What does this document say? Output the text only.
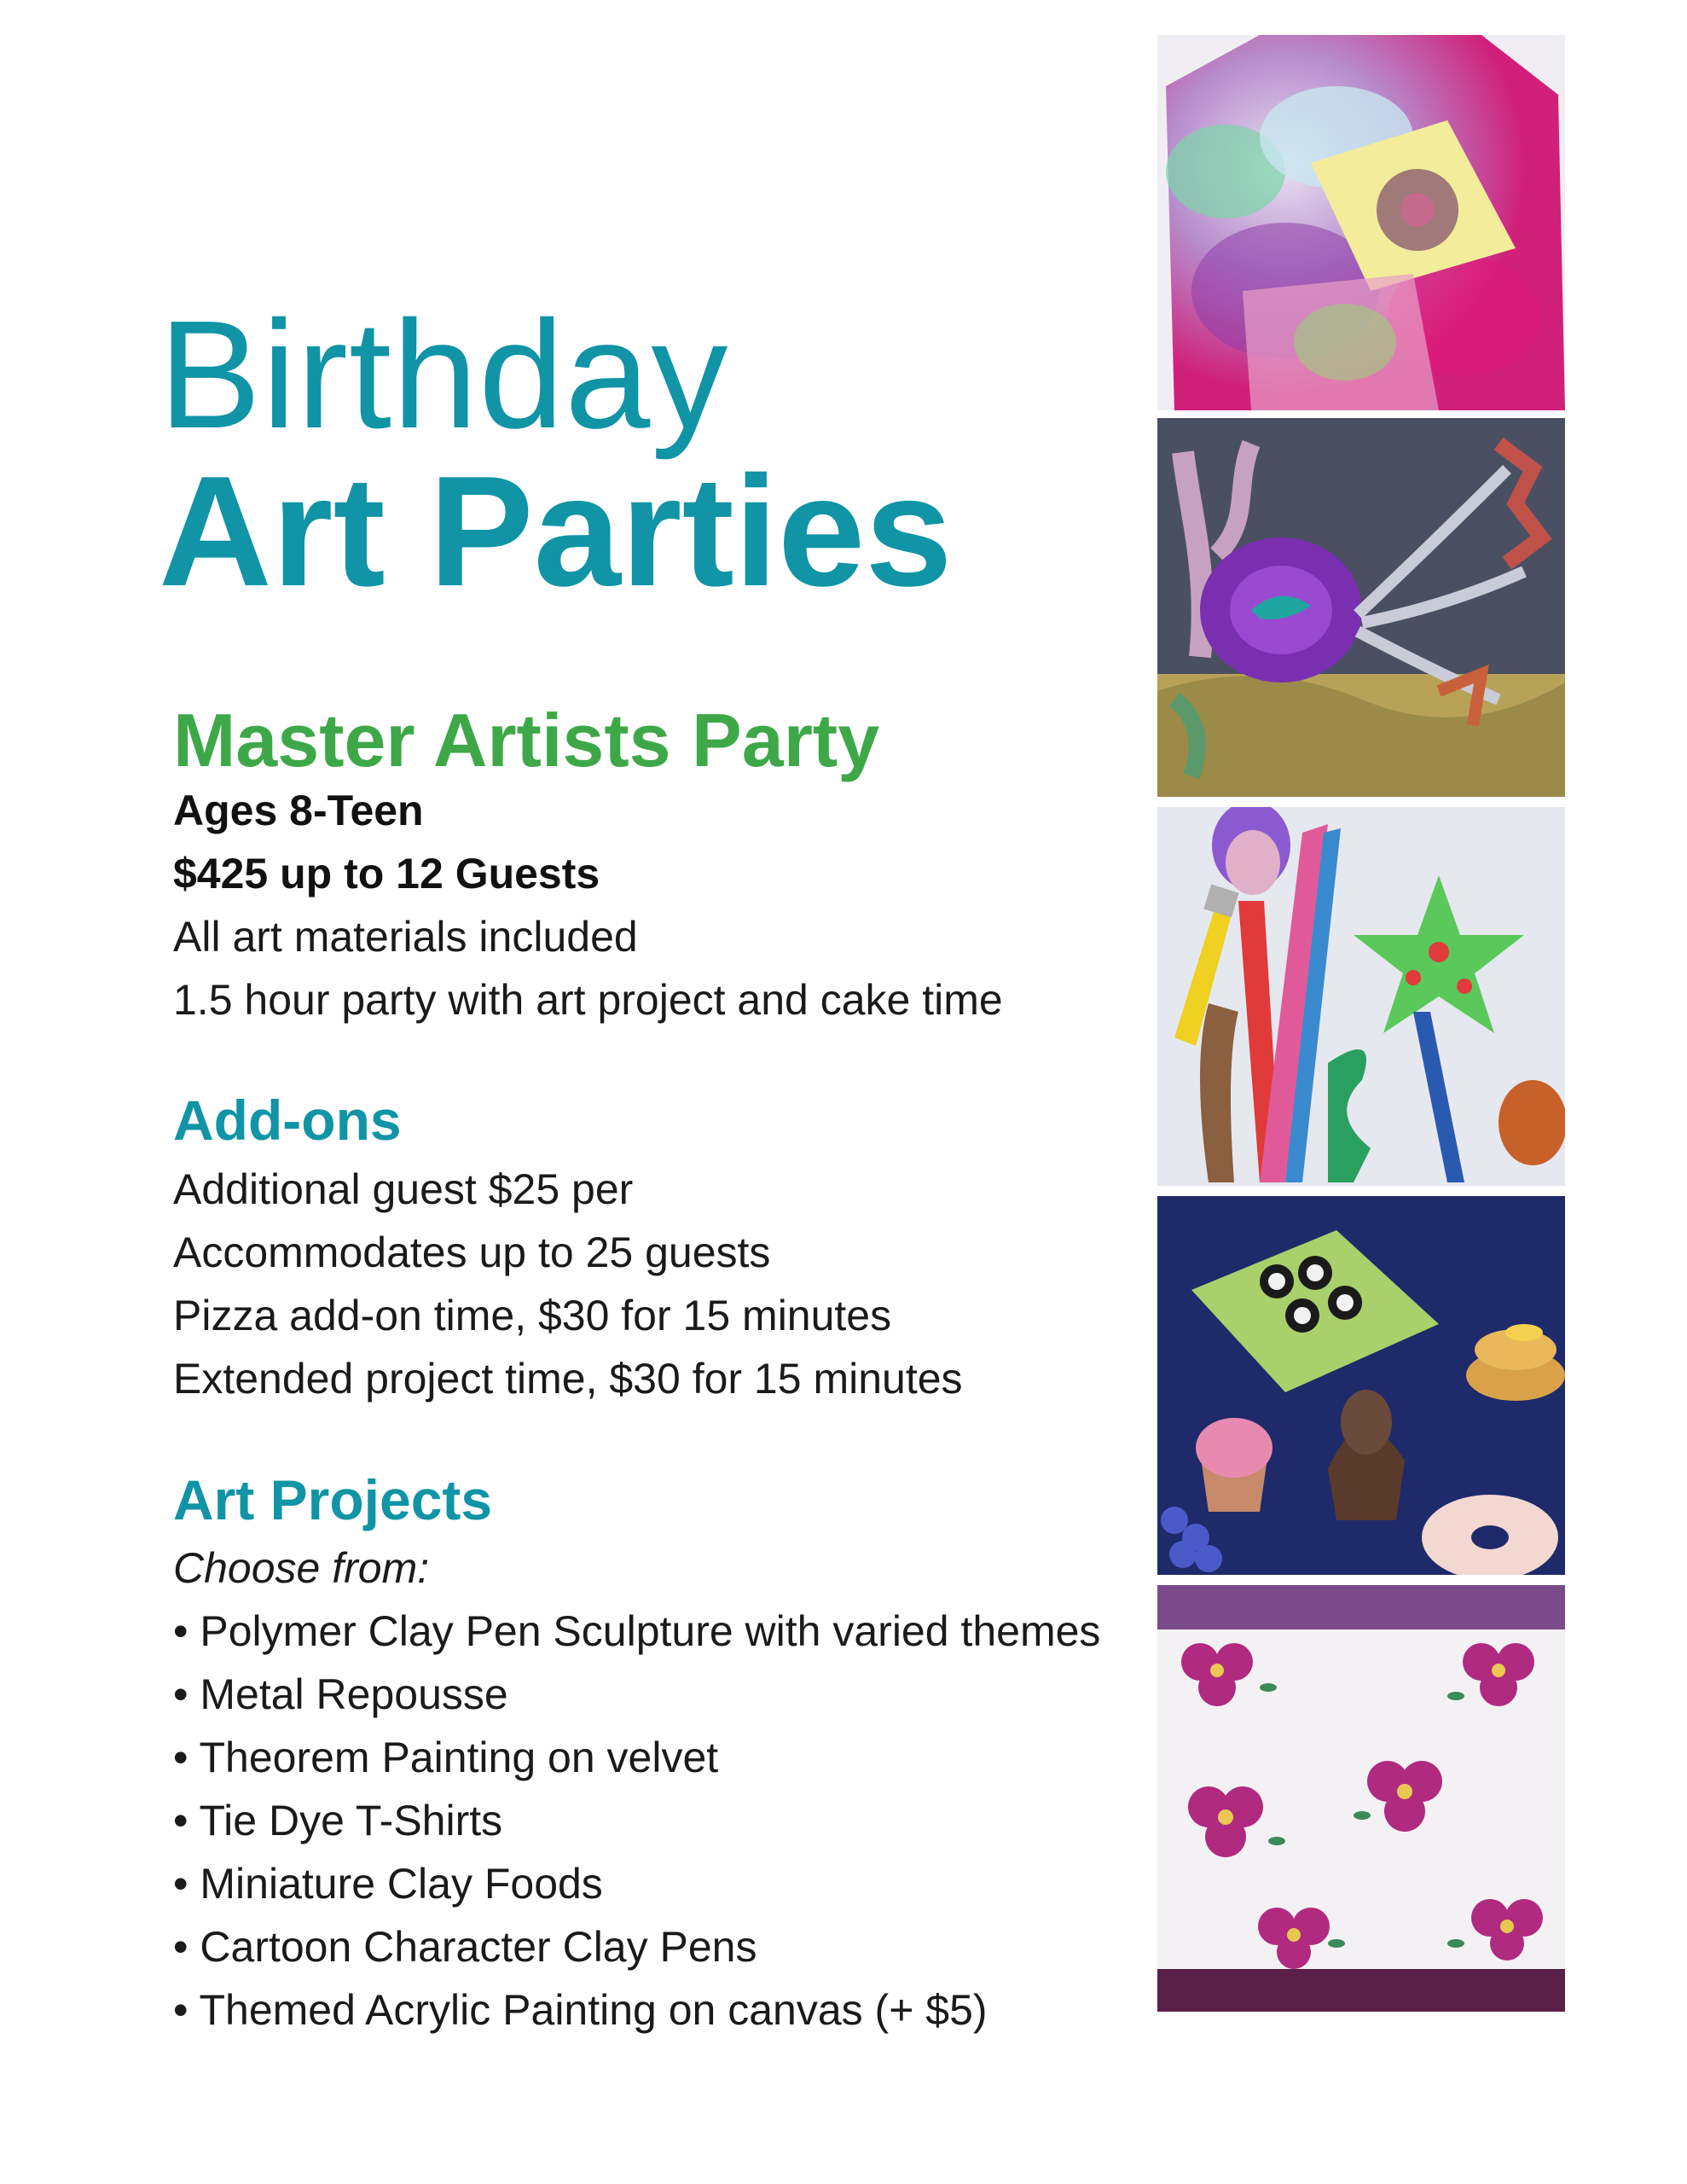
Birthday
Art Parties
Master Artists Party
Ages 8-Teen
$425 up to 12 Guests
All art materials included
1.5 hour party with art project and cake time
Add-ons
Additional guest $25 per
Accommodates up to 25 guests
Pizza add-on time, $30 for 15 minutes
Extended project time, $30 for 15 minutes
Art Projects
Choose from:
• Polymer Clay Pen Sculpture with varied themes
• Metal Repousse
• Theorem Painting on velvet
• Tie Dye T-Shirts
• Miniature Clay Foods
• Cartoon Character Clay Pens
• Themed Acrylic Painting on canvas (+ $5)
